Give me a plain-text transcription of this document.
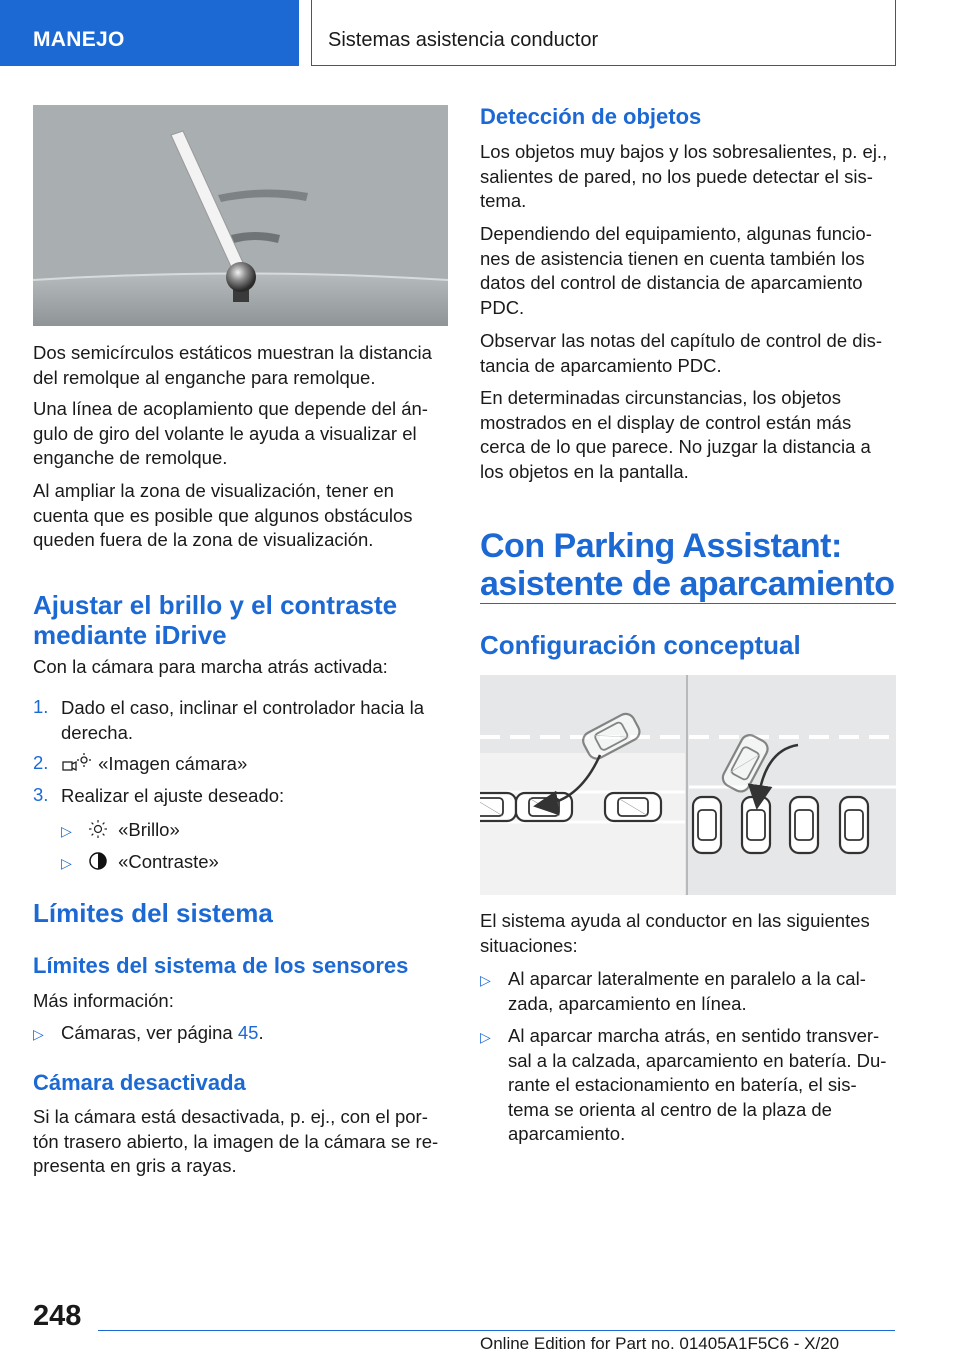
MANEJO	Sistemas asistencia conductor

Dos semicírculos estáticos muestran la distancia
del remolque al enganche para remolque.

Una línea de acoplamiento que depende del án-
gulo de giro del volante le ayuda a visualizar el
enganche de remolque.

Al ampliar la zona de visualización, tener en
cuenta que es posible que algunos obstáculos
queden fuera de la zona de visualización.

Ajustar el brillo y el contraste
mediante iDrive

Con la cámara para marcha atrás activada:

1. Dado el caso, inclinar el controlador hacia la
derecha.
2.	«Imagen cámara»
3. Realizar el ajuste deseado:
▷	«Brillo»
▷	«Contraste»
Límites del sistema
Límites del sistema de los sensores

Más información:

▷ Cámaras, ver página 45.
Cámara desactivada

Si la cámara está desactivada, p. ej., con el por-
tón trasero abierto, la imagen de la cámara se re-
presenta en gris a rayas.

Detección de objetos

Los objetos muy bajos y los sobresalientes, p. ej.,
salientes de pared, no los puede detectar el sis-
tema.

Dependiendo del equipamiento, algunas funcio-
nes de asistencia tienen en cuenta también los
datos del control de distancia de aparcamiento
PDC.

Observar las notas del capítulo de control de dis-
tancia de aparcamiento PDC.

En determinadas circunstancias, los objetos
mostrados en el display de control están más
cerca de lo que parece. No juzgar la distancia a
los objetos en la pantalla.

Con Parking Assistant:
asistente de aparcamiento
Configuración conceptual

El sistema ayuda al conductor en las siguientes
situaciones:

▷ Al aparcar lateralmente en paralelo a la cal-
zada, aparcamiento en línea.
▷ Al aparcar marcha atrás, en sentido transver-
sal a la calzada, aparcamiento en batería. Du-
rante el estacionamiento en batería, el sis-
tema se orienta al centro de la plaza de
aparcamiento.
248
Online Edition for Part no. 01405A1F5C6 - X/20
